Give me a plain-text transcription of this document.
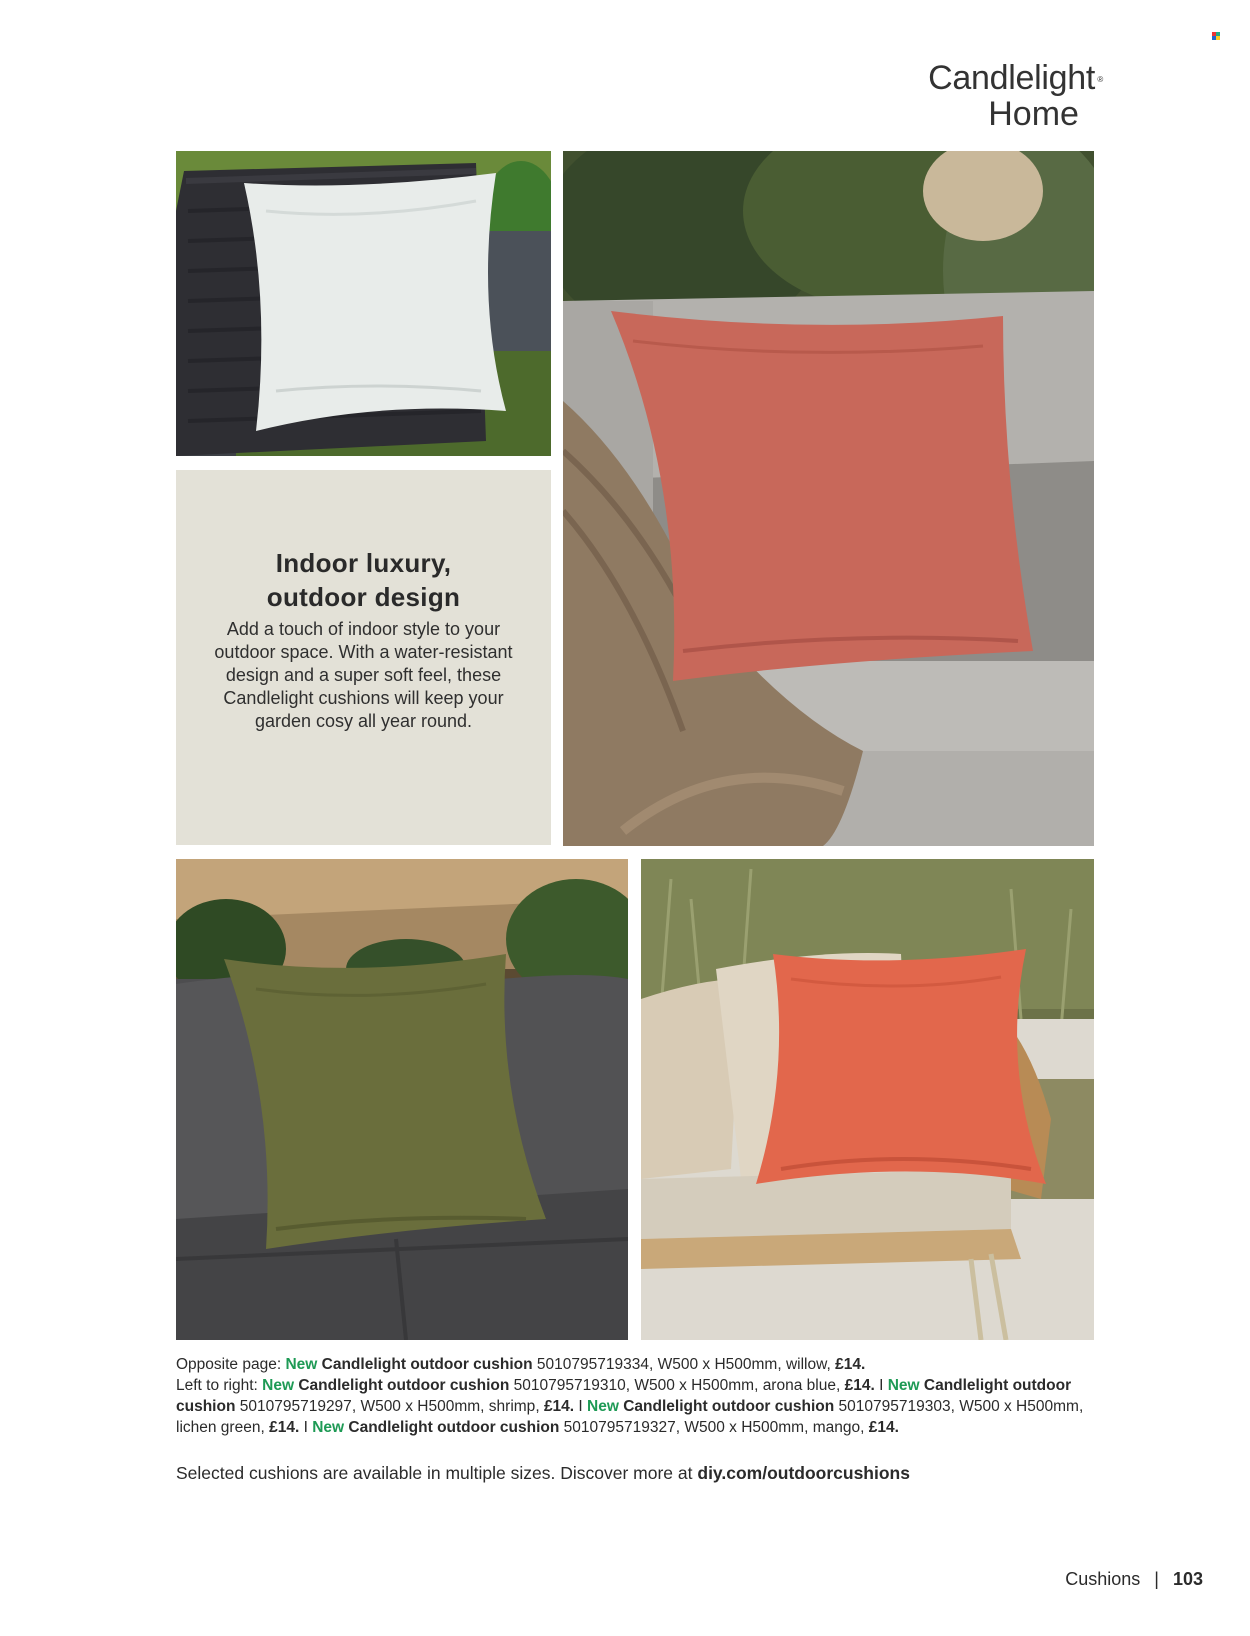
Candlelight ®
Home
Indoor luxury,
outdoor design

Add a touch of indoor style to your outdoor space. With a water-resistant design and a super soft feel, these Candlelight cushions will keep your garden cosy all year round.

Opposite page: New Candlelight outdoor cushion 5010795719334, W500 x H500mm, willow, £14.

Left to right: New Candlelight outdoor cushion 5010795719310, W500 x H500mm, arona blue, £14. I New Candlelight outdoor cushion 5010795719297, W500 x H500mm, shrimp, £14. I New Candlelight outdoor cushion 5010795719303, W500 x H500mm, lichen green, £14. I New Candlelight outdoor cushion 5010795719327, W500 x H500mm, mango, £14.

Selected cushions are available in multiple sizes. Discover more at diy.com/outdoorcushions
Cushions | 103
